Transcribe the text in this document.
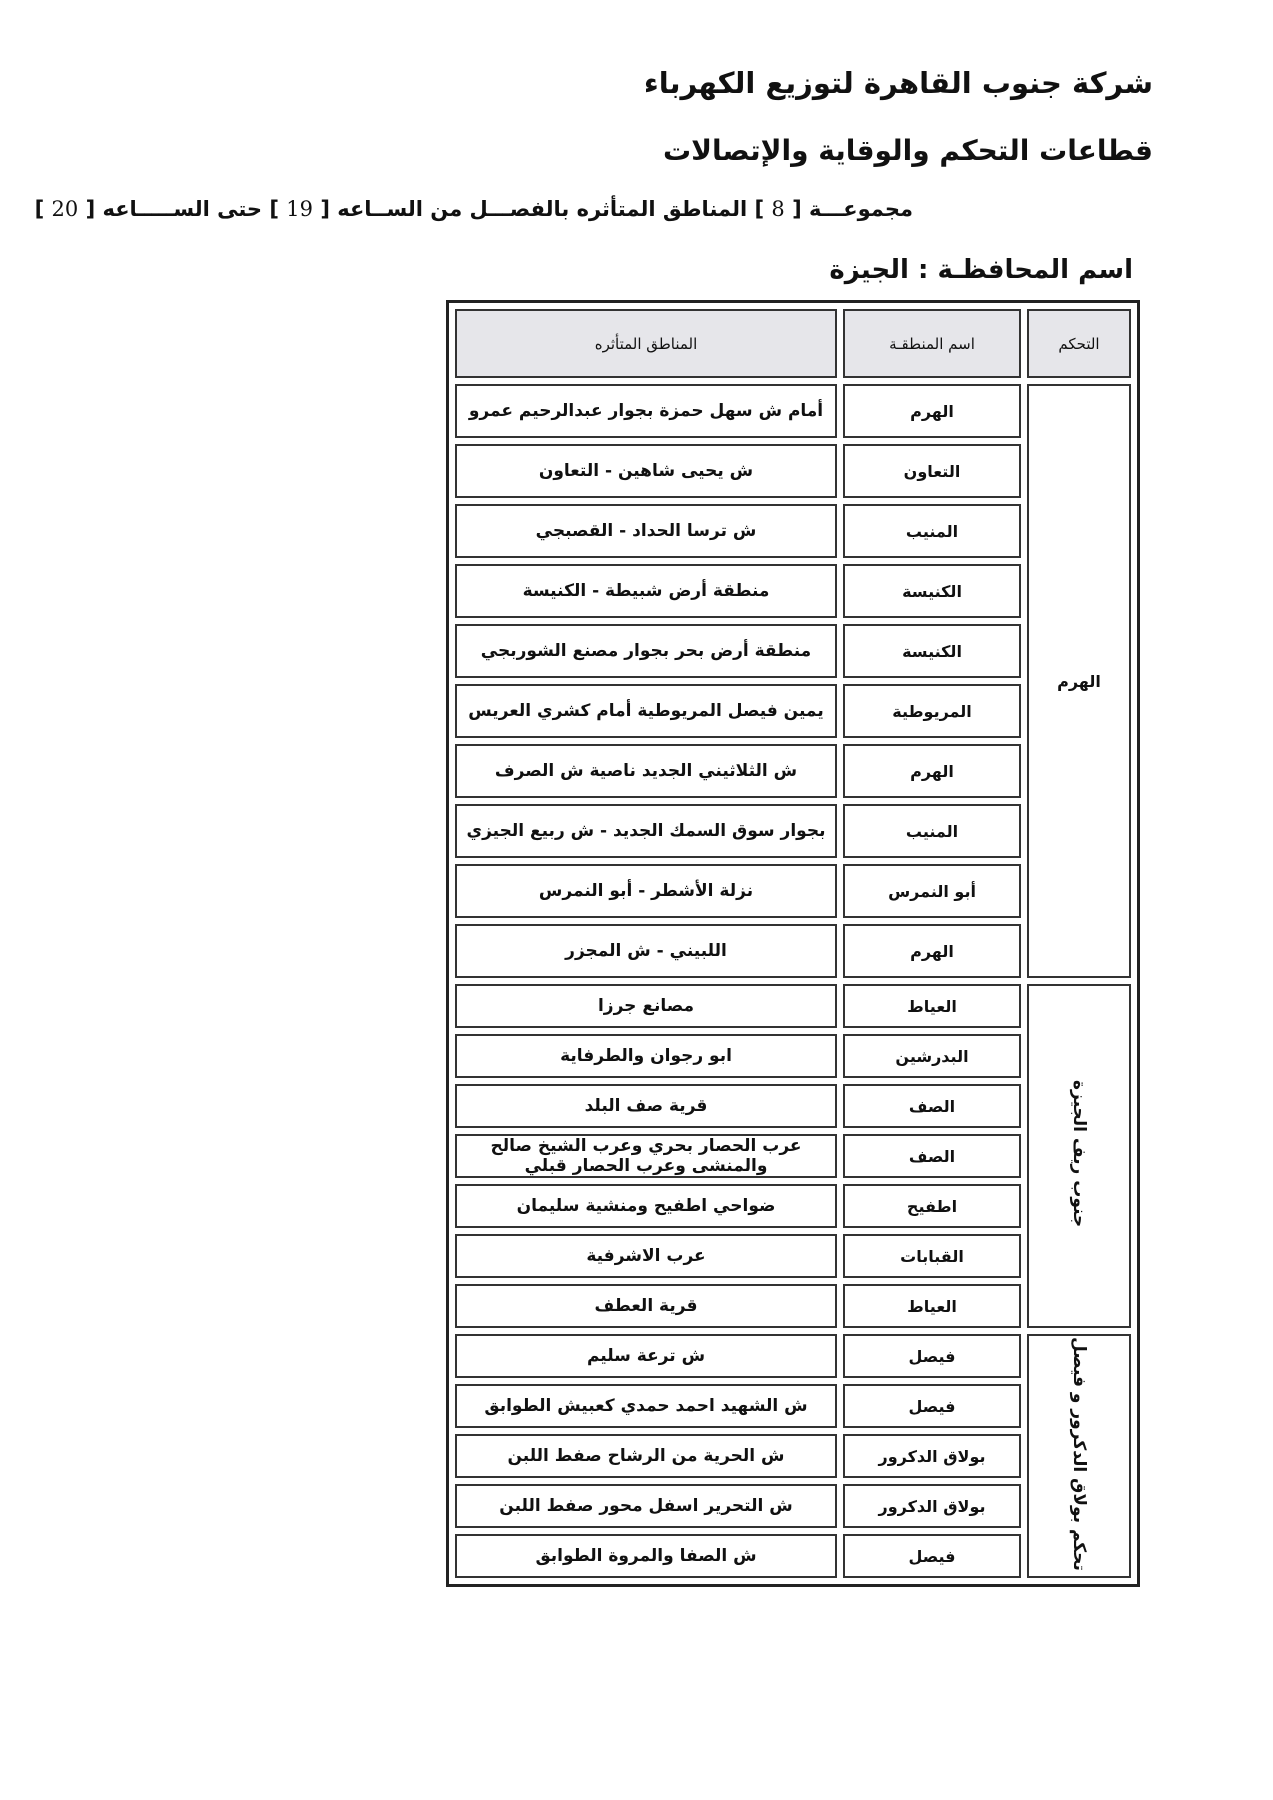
شركة جنوب القاهرة لتوزيع الكهرباء
قطاعات التحكم والوقاية والإتصالات
مجموعـــة [ 8 ] المناطق المتأثره بالفصـــل من الســاعه [ 19 ] حتى الســـــاعه [ 20 ]
اسم المحافظـة : الجيزة
التحكم	اسم المنطقـة	المناطق المتأثره
الهرم	الهرم	أمام ش سهل حمزة بجوار عبدالرحيم عمرو
	التعاون	ش يحيى شاهين - التعاون
	المنيب	ش ترسا الحداد - القصبجي
	الكنيسة	منطقة أرض شبيطة - الكنيسة
	الكنيسة	منطقة أرض بحر بجوار مصنع الشوربجي
	المريوطية	يمين فيصل المريوطية أمام كشري العريس
	الهرم	ش الثلاثيني الجديد ناصية ش الصرف
	المنيب	بجوار سوق السمك الجديد - ش ربيع الجيزي
	أبو النمرس	نزلة الأشطر - أبو النمرس
	الهرم	اللبيني - ش المجزر
جنوب ريف الجيزة	العياط	مصانع جرزا
	البدرشين	ابو رجوان والطرفاية
	الصف	قرية صف البلد
	الصف	عرب الحصار بحري وعرب الشيخ صالح والمنشى وعرب الحصار قبلي
	اطفيح	ضواحي اطفيح ومنشية سليمان
	القبابات	عرب الاشرفية
	العياط	قرية العطف
تحكم بولاق الدكرور و فيصل	فيصل	ش ترعة سليم
	فيصل	ش الشهيد احمد حمدي كعبيش الطوابق
	بولاق الدكرور	ش الحرية من الرشاح صفط اللبن
	بولاق الدكرور	ش التحرير اسفل محور صفط اللبن
	فيصل	ش الصفا والمروة الطوابق
